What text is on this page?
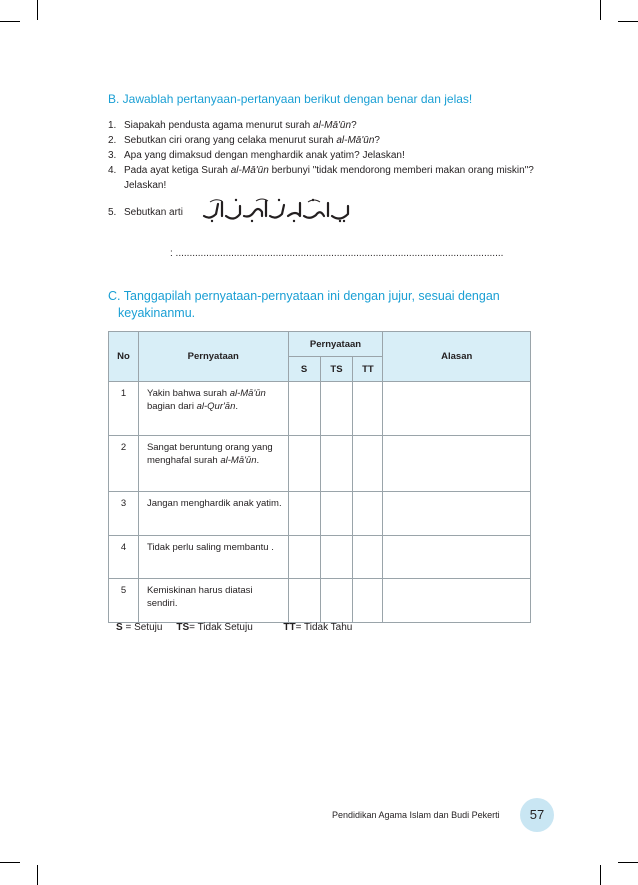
B. Jawablah pertanyaan-pertanyaan berikut dengan benar dan jelas!
1. Siapakah pendusta agama menurut surah al-Mā'ūn?
2. Sebutkan ciri orang yang celaka menurut surah al-Mā'ūn?
3. Apa yang dimaksud dengan menghardik anak yatim? Jelaskan!
4. Pada ayat ketiga Surah al-Mā'ūn berbunyi "tidak mendorong memberi makan orang miskin"? Jelaskan!
5. Sebutkan arti
: ......................................................................................................................
C. Tanggapilah pernyataan-pernyataan ini dengan jujur, sesuai dengan
keyakinanmu.
No	Pernyataan	Pernyataan			Alasan
		S	TS	TT	
1	Yakin bahwa surah al-Mā'ūn bagian dari al-Qur'ān.				
2	Sangat beruntung orang yang menghafal surah al-Mā'ūn.				
3	Jangan menghardik anak yatim.				
4	Tidak perlu saling membantu .				
5	Kemiskinan harus diatasi sendiri.				
S = Setuju TS= Tidak Setuju	TT= Tidak Tahu
Pendidikan Agama Islam dan Budi Pekerti	57
